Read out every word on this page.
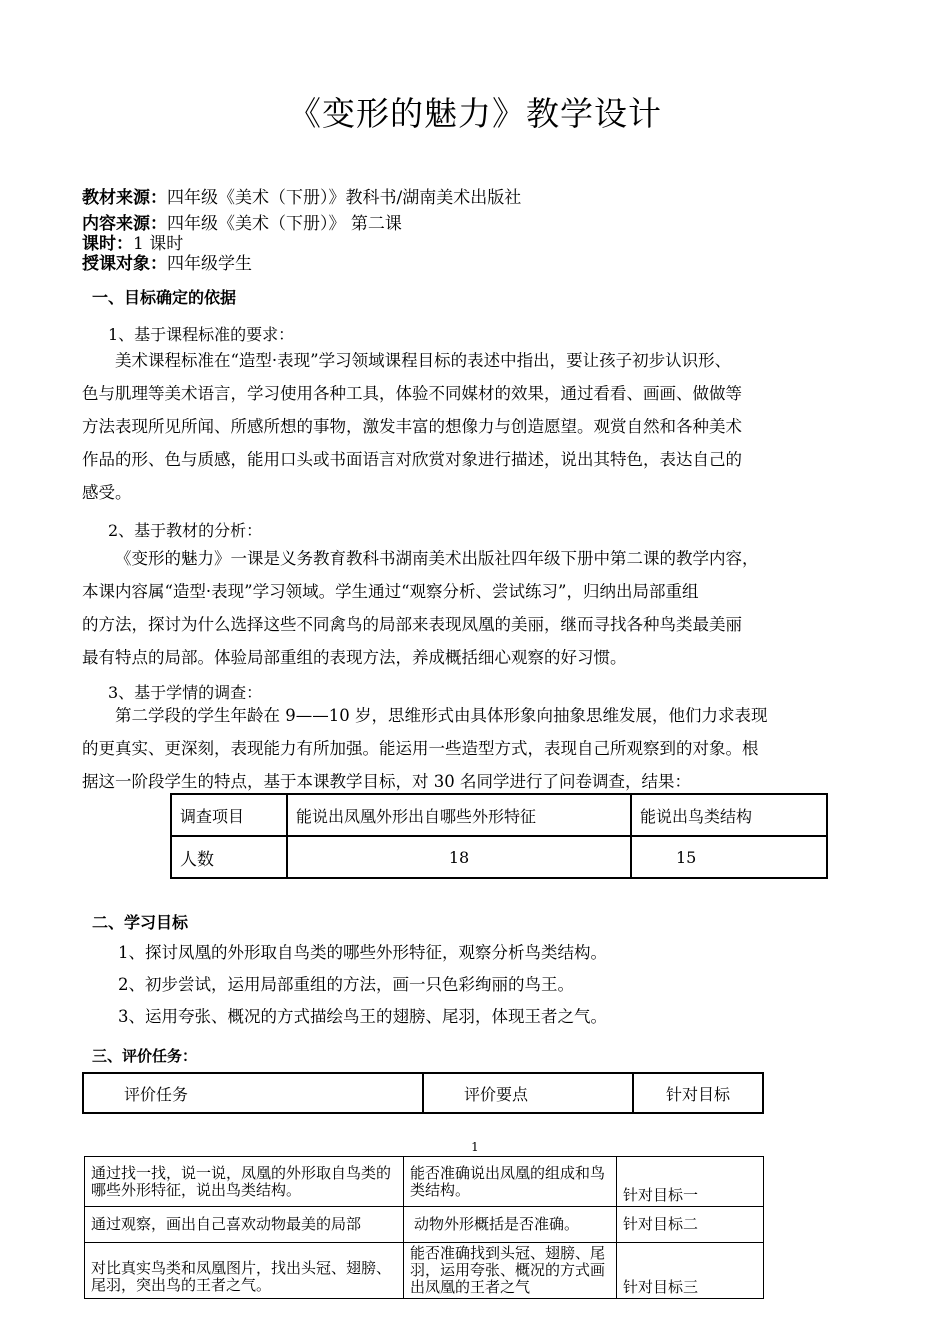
《变形的魅力》教学设计
教材来源：四年级《美术（下册）》教科书/湖南美术出版社
内容来源：四年级《美术（下册）》 第二课
课时：1 课时
授课对象：四年级学生
一、目标确定的依据
1、基于课程标准的要求：
美术课程标准在“造型·表现”学习领域课程目标的表述中指出，要让孩子初步认识形、
色与肌理等美术语言，学习使用各种工具，体验不同媒材的效果，通过看看、画画、做做等
方法表现所见所闻、所感所想的事物，激发丰富的想像力与创造愿望。观赏自然和各种美术
作品的形、色与质感，能用口头或书面语言对欣赏对象进行描述，说出其特色，表达自己的
感受。
2、基于教材的分析：
《变形的魅力》一课是义务教育教科书湖南美术出版社四年级下册中第二课的教学内容，
本课内容属“造型·表现”学习领域。学生通过“观察分析、尝试练习”，归纳出局部重组
的方法，探讨为什么选择这些不同禽鸟的局部来表现凤凰的美丽，继而寻找各种鸟类最美丽
最有特点的局部。体验局部重组的表现方法，养成概括细心观察的好习惯。
3、基于学情的调查：
第二学段的学生年龄在 9——10 岁，思维形式由具体形象向抽象思维发展，他们力求表现
的更真实、更深刻，表现能力有所加强。能运用一些造型方式，表现自己所观察到的对象。根
据这一阶段学生的特点，基于本课教学目标，对 30 名同学进行了问卷调查，结果：
调查项目	能说出凤凰外形出自哪些外形特征	能说出鸟类结构
人数	18	15
二、学习目标
1、探讨凤凰的外形取自鸟类的哪些外形特征，观察分析鸟类结构。
2、初步尝试，运用局部重组的方法，画一只色彩绚丽的鸟王。
3、运用夸张、概况的方式描绘鸟王的翅膀、尾羽，体现王者之气。
三、评价任务：
评价任务	评价要点	针对目标
1
通过找一找，说一说，凤凰的外形取自鸟类的哪些外形特征，说出鸟类结构。	能否准确说出凤凰的组成和鸟类结构。	针对目标一
通过观察，画出自己喜欢动物最美的局部	动物外形概括是否准确。	针对目标二
对比真实鸟类和凤凰图片，找出头冠、翅膀、尾羽，突出鸟的王者之气。	能否准确找到头冠、翅膀、尾羽，运用夸张、概况的方式画出凤凰的王者之气	针对目标三
